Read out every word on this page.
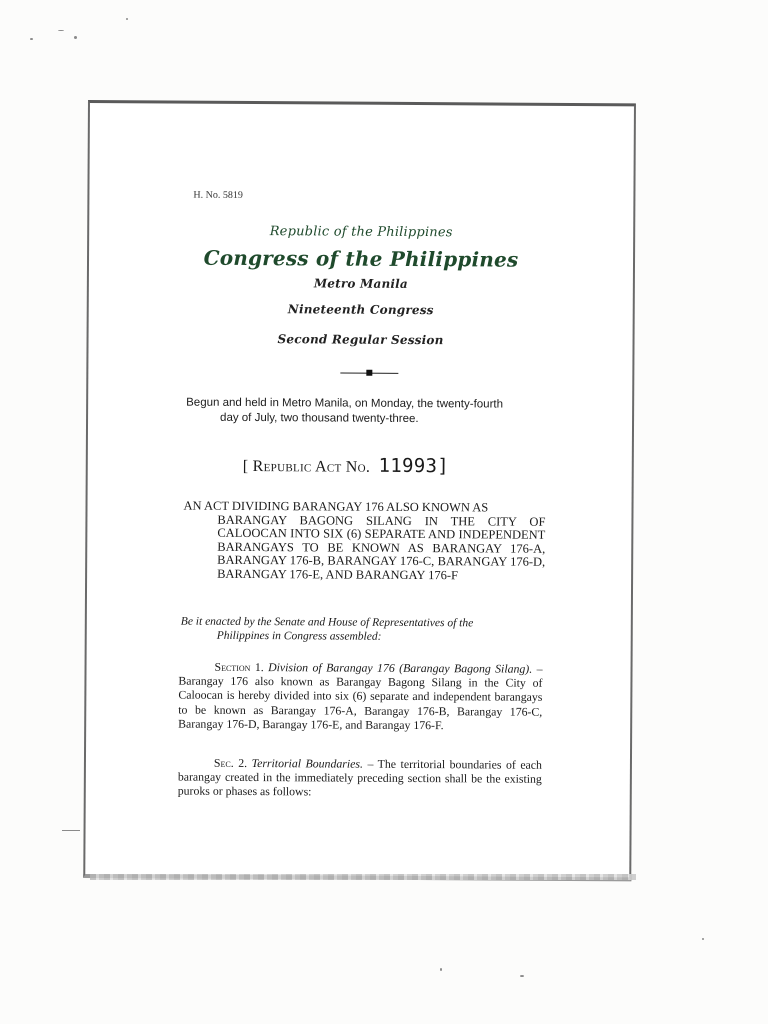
H. No. 5819
Republic of the Philippines
Congress of the Philippines
Metro Manila
Nineteenth Congress
Second Regular Session
Begun and held in Metro Manila, on Monday, the twenty-fourth
day of July, two thousand twenty-three.
[ Republic Act No. 11993]
AN ACT DIVIDING BARANGAY 176 ALSO KNOWN AS
BARANGAY BAGONG SILANG IN THE CITY OF CALOOCAN INTO SIX (6) SEPARATE AND INDEPENDENT BARANGAYS TO BE KNOWN AS BARANGAY 176-A, BARANGAY 176-B, BARANGAY 176-C, BARANGAY 176-D, BARANGAY 176-E, AND BARANGAY 176-F
Be it enacted by the Senate and House of Representatives of the
Philippines in Congress assembled:
Section 1. Division of Barangay 176 (Barangay Bagong Silang). – Barangay 176 also known as Barangay Bagong Silang in the City of Caloocan is hereby divided into six (6) separate and independent barangays to be known as Barangay 176-A, Barangay 176-B, Barangay 176-C, Barangay 176-D, Barangay 176-E, and Barangay 176-F.
Sec. 2. Territorial Boundaries. – The territorial boundaries of each barangay created in the immediately preceding section shall be the existing puroks or phases as follows:
